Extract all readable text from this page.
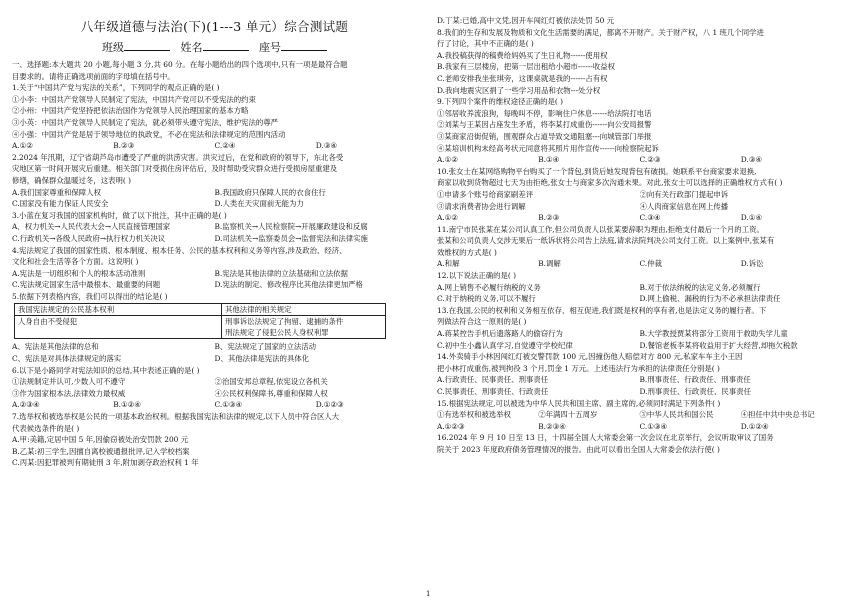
八年级道德与法治(下)(1---3 单元）综合测试题
班级	姓名	座号
一、选择题:本大题共 20 小题,每小题 3 分,共 60 分。在每小题给出的四个选项中,只有一项是最符合题
目要求的。请将正确选项前面的字母填在括号中。
1.关于“中国共产党与宪法的关系”，下列同学的观点正确的是( )
①小李：中国共产党领导人民制定了宪法，中国共产党可以不受宪法的约束
②小州：中国共产党坚持把依法治国作为党领导人民治理国家的基本方略
③小英：中国共产党领导人民制定了宪法，就必须带头遵守宪法，维护宪法的尊严
④小强：中国共产党是居于领导地位的执政党，不必在宪法和法律规定的范围内活动
A.①②	B.②③	C.②④	D.③④
2.2024 年汛期，辽宁省葫芦岛市遭受了严重的洪涝灾害。洪灾过后，在党和政府的领导下，东北各受
灾地区第一时间开展灾后重建。相关部门对受损住房评估后，及时帮助受灾群众进行受损房屋重建及
修缮，确保群众温暖过冬，这表明( )
A.我们国家尊重和保障人权	B.我国政府只保障人民的衣食住行
C.国家没有能力保证人民安全	D.人类在天灾面前无能为力
3.小蓝在复习我国的国家机构时，做了以下批注，其中正确的是( )
A．权力机关→人民代表大会→人民直接管理国家	B.监察机关→人民检察院→开展廉政建设和反腐
C.行政机关→各级人民政府→执行权力机关决议	D.司法机关→监察委员会→监督宪法和法律实施
4.宪法规定了我国的国家性质、根本制度、根本任务、公民的基本权利和义务等内容,涉及政治、经济、
文化和社会生活等各个方面。这说明( )
A.宪法是一切组织和个人的根本活动准则	B.宪法是其他法律的立法基础和立法依据
C.宪法规定国家生活中最根本、最重要的问题	D.宪法的制定、修改程序比其他法律更加严格
5.依据下列表格内容，我们可以得出的结论是( )
我国宪法规定的公民基本权利	其他法律的相关规定
人身自由不受侵犯	刑事诉讼法规定了拘留、逮捕的条件
刑法规定了侵犯公民人身权利罪
A、宪法是其他法律的总和	B、宪法规定了国家的立法活动
C、宪法是对具体法律规定的落实	D、其他法律是宪法的具体化
6.以下是小路同学对宪法知识的总结,其中表述正确的是( )
①法规制定并认可,少数人可不遵守	②治国安邦总章程,依宪设立各机关
③作为国家根本法,法律效力最权威	④公民权利保障书,尊重和保障人权
A.②③④	B.①②④	C.①③④	D.①②③
7.选举权和被选举权是公民的一项基本政治权利。根据我国宪法和法律的规定,以下人员中符合区人大
代表候选条件的是( )
A.甲:美籍,定居中国 5 年,因偷窃被处治安罚款 200 元
B.乙某:初三学生,因擅自离校被通报批评,记入学校档案
C.丙某:因犯罪被判有期徒刑 3 年,附加剥夺政治权利 1 年
D.丁某:已婚,高中文凭,因开车闯红灯被依法处罚 50 元
8.我们的生存和发展及物质和文化生活需要的满足，都离不开财产。关于财产权，八 1 班几个同学进
行了讨论，其中不正确的是( )
A.我投稿获得的稿费给妈妈买了生日礼物------使用权
B.我家有三层楼房，把第一层出租给小超市------收益权
C.老师安排我坐张琪旁，这课桌就是我的------占有权
D.我向地震灾区捐了一些学习用品和衣物---处分权
9.下列四个案件的维权途径正确的是( )
①邻居收养流浪狗，每晚叫不停，影响住户休息------给法院打电话
②刘某与王某因占座发生矛盾，将李某打成重伤------向公安局报警
③某商家沿街促销，围观群众占道导致交通阻塞---向城管部门举报
④某培训机构未经高考状元同意将其照片用作宣传------向检察院起诉
A.①②	B.①④	C.②③	D.③④
10.张女士在某网络购物平台购买了一个背包,到货后她发现背包有破损。她联系平台商家要求退换,
商家以收到货物超过七天为由拒绝,张女士与商家多次沟通未果。对此,张女士可以选择的正确维权方式有( )
①申请多个账号给商家刷差评	②向有关行政部门提起申诉
③请求消费者协会进行调解	④人肉商家信息在网上传播
A.①②	B.②③	C.③④	D.①④
11.南宁市民张某在某公司认真工作,但公司负责人以张某要辞职为理由,拒绝支付最后一个月的工资。
张某和公司负责人交涉无果后一纸诉状将公司告上法庭,请求法院判决公司支付工资。以上案例中,张某有
效维权的方式是( )
A.和解	B.调解	C.仲裁	D.诉讼
12.以下说法正确的是( )
A.网上销售不必履行纳税的义务	B.对于依法纳税的法定义务,必须履行
C.对于纳税的义务,可以不履行	D.网上偷税、漏税的行为不必承担法律责任
13.在我国,公民的权利和义务相互依存、相互促进,我们既是权利的享有者,也是法定义务的履行者。下
列做法符合这一原则的是( )
A.蒋某控告手机后遗落路人的偷窃行为	B.大学教授贾某将部分工资用于救助失学儿童
C.初中生小鑫认真学习,自觉遵守学校纪律	D.餐馆老板李某将收益用于扩大经营,却拖欠税款
14.外卖骑手小林因闯红灯被交警罚款 100 元,因撞伤他人赔偿对方 800 元,私家车车主小王因
把小林打成重伤,被判拘役 3 个月,罚金 1 万元。上述违法行为承担的法律责任分别是( )
A.行政责任、民事责任、刑事责任	B.刑事责任、行政责任、刑事责任
C.民事责任、刑事责任、行政责任	D.刑事责任、行政责任、民事责任
15.根据宪法规定,可以被选为中华人民共和国主席、副主席的,必须同时满足下列条件( )
①有选举权和被选举权	②年满四十五周岁	③中华人民共和国公民	④担任中共中央总书记
A.①②③	B.②③④	C.①③④	D.①②④
16.2024 年 9 月 10 日至 13 日，十四届全国人大常委会第一次会议在北京举行，会议听取审议了国务
院关于 2023 年度政府债务管理情况的报告。由此可以看出全国人大常委会依法行使( )
1
